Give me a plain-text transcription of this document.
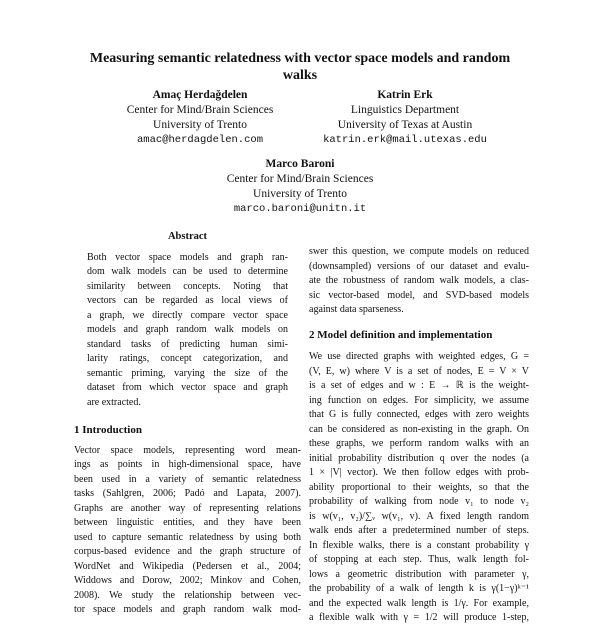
Measuring semantic relatedness with vector space models and random
walks
Amaç Herdağdelen
Center for Mind/Brain Sciences
University of Trento
amac@herdagdelen.com
Katrin Erk
Linguistics Department
University of Texas at Austin
katrin.erk@mail.utexas.edu
Marco Baroni
Center for Mind/Brain Sciences
University of Trento
marco.baroni@unitn.it
Abstract
Both vector space models and graph ran-
dom walk models can be used to determine
similarity between concepts. Noting that
vectors can be regarded as local views of
a graph, we directly compare vector space
models and graph random walk models on
standard tasks of predicting human simi-
larity ratings, concept categorization, and
semantic priming, varying the size of the
dataset from which vector space and graph
are extracted.
1 Introduction
Vector space models, representing word mean-
ings as points in high-dimensional space, have
been used in a variety of semantic relatedness
tasks (Sahlgren, 2006; Padó and Lapata, 2007).
Graphs are another way of representing relations
between linguistic entities, and they have been
used to capture semantic relatedness by using both
corpus-based evidence and the graph structure of
WordNet and Wikipedia (Pedersen et al., 2004;
Widdows and Dorow, 2002; Minkov and Cohen,
2008). We study the relationship between vec-
tor space models and graph random walk mod-
swer this question, we compute models on reduced
(downsampled) versions of our dataset and evalu-
ate the robustness of random walk models, a clas-
sic vector-based model, and SVD-based models
against data sparseness.
2 Model definition and implementation
We use directed graphs with weighted edges, G =
(V, E, w) where V is a set of nodes, E = V × V
is a set of edges and w : E → ℝ is the weight-
ing function on edges. For simplicity, we assume
that G is fully connected, edges with zero weights
can be considered as non-existing in the graph. On
these graphs, we perform random walks with an
initial probability distribution q over the nodes (a
1 × |V| vector). We then follow edges with prob-
ability proportional to their weights, so that the
probability of walking from node v₁ to node v₂
is w(v₁, v₂)/∑ᵥ w(v₁, v). A fixed length random
walk ends after a predetermined number of steps.
In flexible walks, there is a constant probability γ
of stopping at each step. Thus, walk length fol-
lows a geometric distribution with parameter γ,
the probability of a walk of length k is γ(1−γ)ᵏ⁻¹
and the expected walk length is 1/γ. For example,
a flexible walk with γ = 1/2 will produce 1-step,
